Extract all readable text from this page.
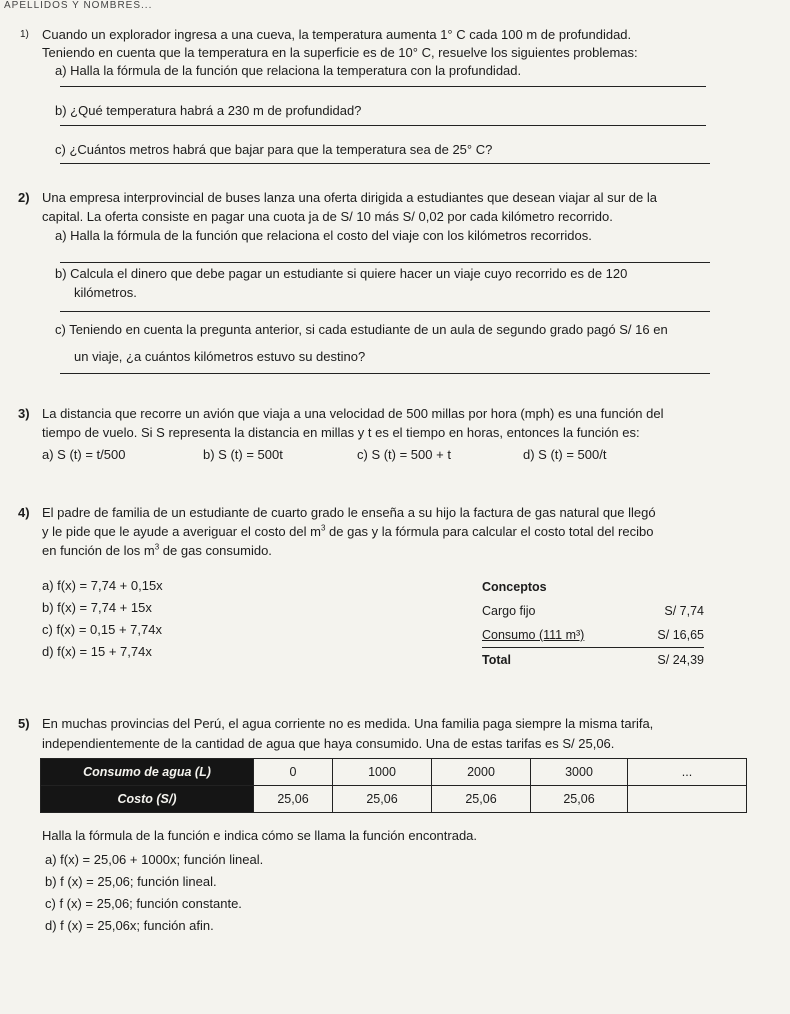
APELLIDOS Y NOMBRES...
1) Cuando un explorador ingresa a una cueva, la temperatura aumenta 1° C cada 100 m de profundidad.
Teniendo en cuenta que la temperatura en la superficie es de 10° C, resuelve los siguientes problemas:
a) Halla la fórmula de la función que relaciona la temperatura con la profundidad.
b) ¿Qué temperatura habrá a 230 m de profundidad?
c) ¿Cuántos metros habrá que bajar para que la temperatura sea de 25° C?
2) Una empresa interprovincial de buses lanza una oferta dirigida a estudiantes que desean viajar al sur de la
capital. La oferta consiste en pagar una cuota ja de S/ 10 más S/ 0,02 por cada kilómetro recorrido.
a) Halla la fórmula de la función que relaciona el costo del viaje con los kilómetros recorridos.
b) Calcula el dinero que debe pagar un estudiante si quiere hacer un viaje cuyo recorrido es de 120
kilómetros.
c) Teniendo en cuenta la pregunta anterior, si cada estudiante de un aula de segundo grado pagó S/ 16 en
un viaje, ¿a cuántos kilómetros estuvo su destino?
3) La distancia que recorre un avión que viaja a una velocidad de 500 millas por hora (mph) es una función del
tiempo de vuelo. Si S representa la distancia en millas y t es el tiempo en horas, entonces la función es:
a) S (t) = t/500	b) S (t) = 500t	c) S (t) = 500 + t	d) S (t) = 500/t
4) El padre de familia de un estudiante de cuarto grado le enseña a su hijo la factura de gas natural que llegó
y le pide que le ayude a averiguar el costo del $m^3$ de gas y la fórmula para calcular el costo total del recibo
en función de los $m^3$ de gas consumido.
a) f(x) = 7,74 + 0,15x
b) f(x) = 7,74 + 15x
c) f(x) = 0,15 + 7,74x
d) f(x) = 15 + 7,74x
Conceptos
Cargo fijo	S/ 7,74
Consumo (111 m³)	S/ 16,65
Total	S/ 24,39
5) En muchas provincias del Perú, el agua corriente no es medida. Una familia paga siempre la misma tarifa,
independientemente de la cantidad de agua que haya consumido. Una de estas tarifas es S/ 25,06.
Consumo de agua (L)	0	1000	2000	3000	...
Costo (S/)	25,06	25,06	25,06	25,06	
Halla la fórmula de la función e indica cómo se llama la función encontrada.
a) f(x) = 25,06 + 1000x; función lineal.
b) f (x) = 25,06; función lineal.
c) f (x) = 25,06; función constante.
d) f (x) = 25,06x; función afin.
